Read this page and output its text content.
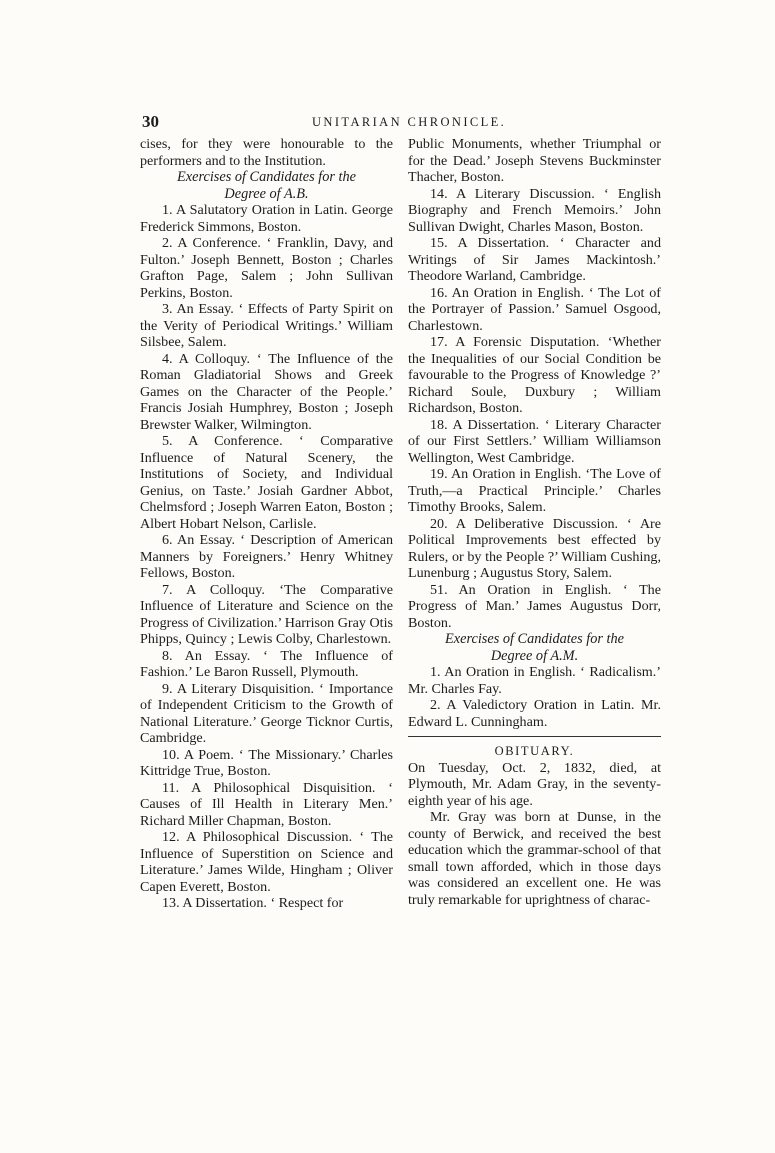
30	UNITARIAN CHRONICLE.

cises, for they were honourable to the performers and to the Institution.

Exercises of Candidates for the

Degree of A.B.

1. A Salutatory Oration in Latin. George Frederick Simmons, Boston.

2. A Conference. ‘ Franklin, Davy, and Fulton.’ Joseph Bennett, Boston ; Charles Grafton Page, Salem ; John Sullivan Perkins, Boston.

3. An Essay. ‘ Effects of Party Spirit on the Verity of Periodical Writings.’ William Silsbee, Salem.

4. A Colloquy. ‘ The Influence of the Roman Gladiatorial Shows and Greek Games on the Character of the People.’ Francis Josiah Humphrey, Boston ; Joseph Brewster Walker, Wilmington.

5. A Conference. ‘ Comparative Influence of Natural Scenery, the Institutions of Society, and Individual Genius, on Taste.’ Josiah Gardner Abbot, Chelmsford ; Joseph Warren Eaton, Boston ; Albert Hobart Nelson, Carlisle.

6. An Essay. ‘ Description of American Manners by Foreigners.’ Henry Whitney Fellows, Boston.

7. A Colloquy. ‘The Comparative Influence of Literature and Science on the Progress of Civilization.’ Harrison Gray Otis Phipps, Quincy ; Lewis Colby, Charlestown.

8. An Essay. ‘ The Influence of Fashion.’ Le Baron Russell, Plymouth.

9. A Literary Disquisition. ‘ Importance of Independent Criticism to the Growth of National Literature.’ George Ticknor Curtis, Cambridge.

10. A Poem. ‘ The Missionary.’ Charles Kittridge True, Boston.

11. A Philosophical Disquisition. ‘ Causes of Ill Health in Literary Men.’ Richard Miller Chapman, Boston.

12. A Philosophical Discussion. ‘ The Influence of Superstition on Science and Literature.’ James Wilde, Hingham ; Oliver Capen Everett, Boston.

13. A Dissertation. ‘ Respect for

Public Monuments, whether Triumphal or for the Dead.’ Joseph Stevens Buckminster Thacher, Boston.

14. A Literary Discussion. ‘ English Biography and French Memoirs.’ John Sullivan Dwight, Charles Mason, Boston.

15. A Dissertation. ‘ Character and Writings of Sir James Mackintosh.’ Theodore Warland, Cambridge.

16. An Oration in English. ‘ The Lot of the Portrayer of Passion.’ Samuel Osgood, Charlestown.

17. A Forensic Disputation. ‘Whether the Inequalities of our Social Condition be favourable to the Progress of Knowledge ?’ Richard Soule, Duxbury ; William Richardson, Boston.

18. A Dissertation. ‘ Literary Character of our First Settlers.’ William Williamson Wellington, West Cambridge.

19. An Oration in English. ‘The Love of Truth,—a Practical Principle.’ Charles Timothy Brooks, Salem.

20. A Deliberative Discussion. ‘ Are Political Improvements best effected by Rulers, or by the People ?’ William Cushing, Lunenburg ; Augustus Story, Salem.

51. An Oration in English. ‘ The Progress of Man.’ James Augustus Dorr, Boston.

Exercises of Candidates for the

Degree of A.M.

1. An Oration in English. ‘ Radicalism.’ Mr. Charles Fay.

2. A Valedictory Oration in Latin. Mr. Edward L. Cunningham.

OBITUARY.

On Tuesday, Oct. 2, 1832, died, at Plymouth, Mr. Adam Gray, in the seventy-eighth year of his age.

Mr. Gray was born at Dunse, in the county of Berwick, and received the best education which the grammar-school of that small town afforded, which in those days was considered an excellent one. He was truly remarkable for uprightness of charac-
